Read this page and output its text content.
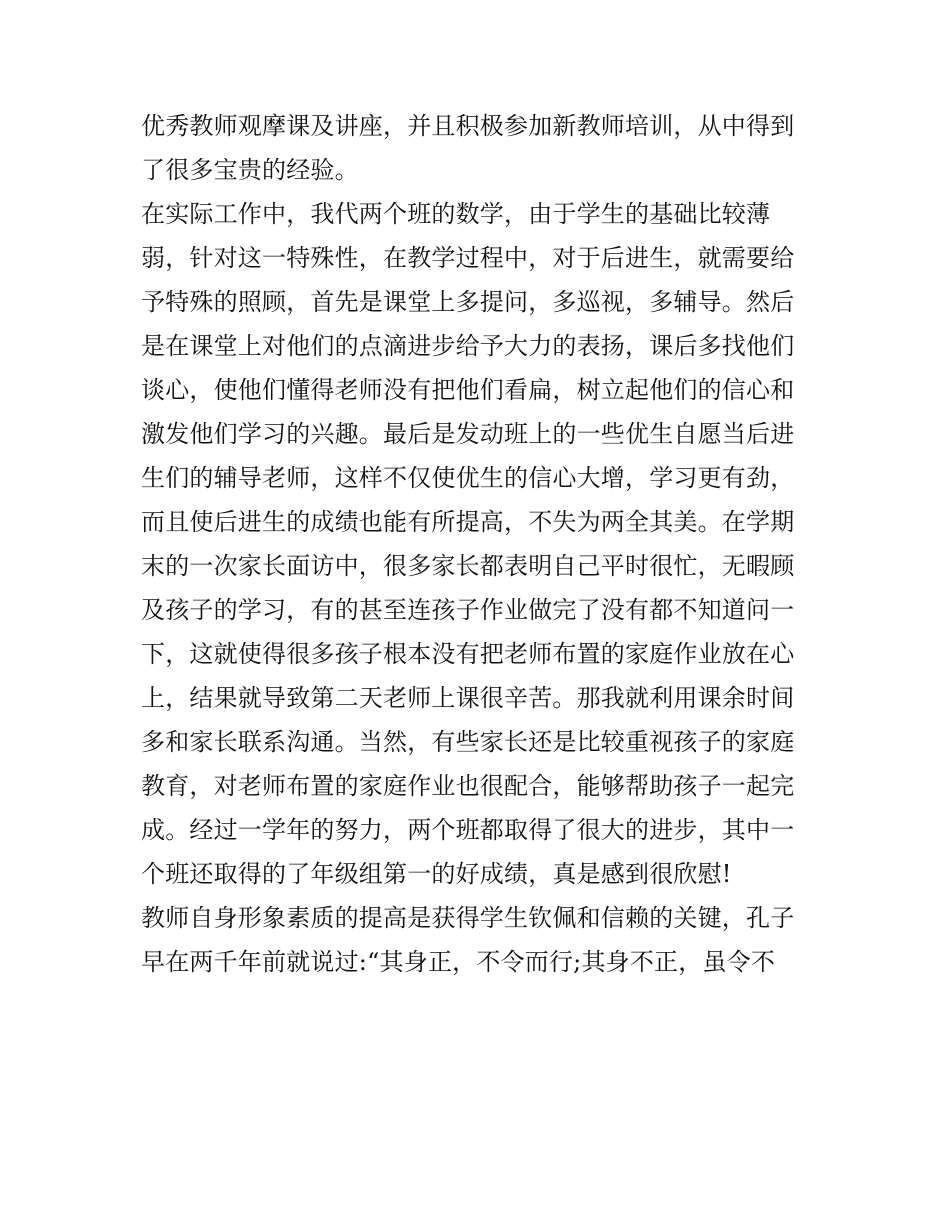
优秀教师观摩课及讲座，并且积极参加新教师培训，从中得到
了很多宝贵的经验。
在实际工作中，我代两个班的数学，由于学生的基础比较薄
弱，针对这一特殊性，在教学过程中，对于后进生，就需要给
予特殊的照顾，首先是课堂上多提问，多巡视，多辅导。然后
是在课堂上对他们的点滴进步给予大力的表扬，课后多找他们
谈心，使他们懂得老师没有把他们看扁，树立起他们的信心和
激发他们学习的兴趣。最后是发动班上的一些优生自愿当后进
生们的辅导老师，这样不仅使优生的信心大增，学习更有劲，
而且使后进生的成绩也能有所提高，不失为两全其美。在学期
末的一次家长面访中，很多家长都表明自己平时很忙，无暇顾
及孩子的学习，有的甚至连孩子作业做完了没有都不知道问一
下，这就使得很多孩子根本没有把老师布置的家庭作业放在心
上，结果就导致第二天老师上课很辛苦。那我就利用课余时间
多和家长联系沟通。当然，有些家长还是比较重视孩子的家庭
教育，对老师布置的家庭作业也很配合，能够帮助孩子一起完
成。经过一学年的努力，两个班都取得了很大的进步，其中一
个班还取得的了年级组第一的好成绩，真是感到很欣慰!
教师自身形象素质的提高是获得学生钦佩和信赖的关键，孔子
早在两千年前就说过:“其身正，不令而行;其身不正，虽令不
